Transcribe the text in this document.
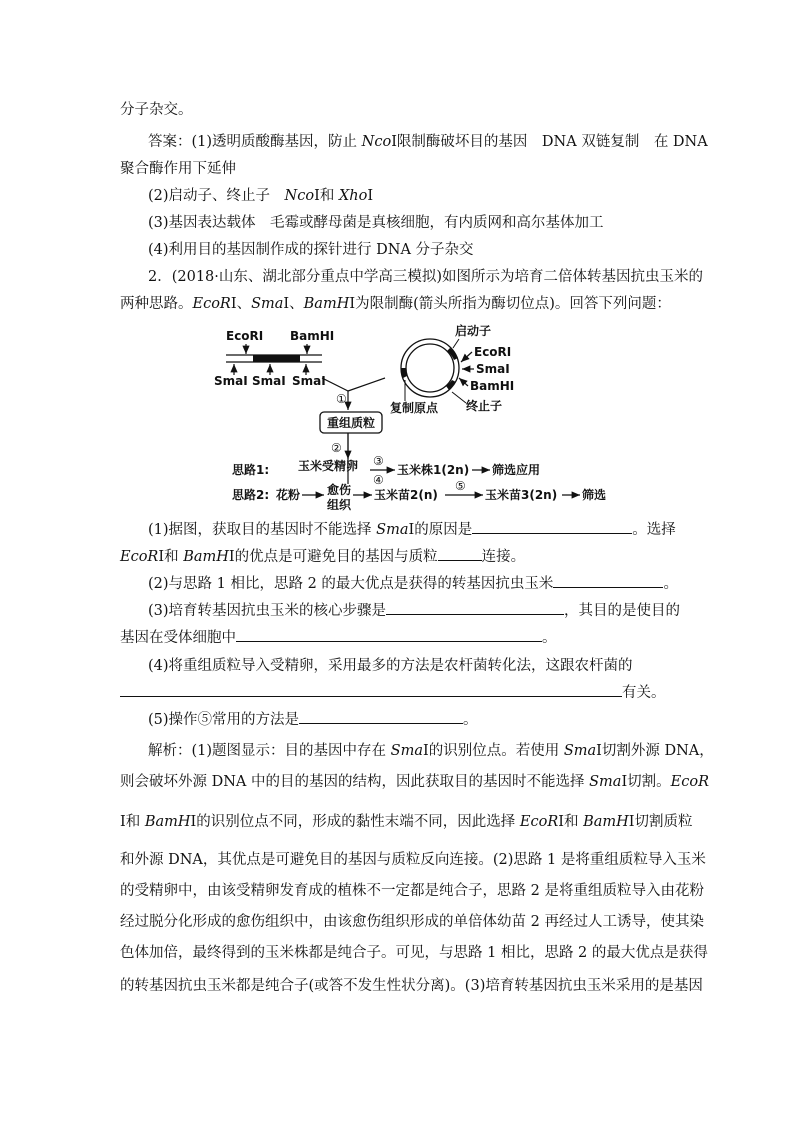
分子杂交。
答案：(1)透明质酸酶基因，防止 NcoⅠ限制酶破坏目的基因　DNA 双链复制　在 DNA
聚合酶作用下延伸
(2)启动子、终止子　NcoⅠ和 XhoⅠ
(3)基因表达载体　毛霉或酵母菌是真核细胞，有内质网和高尔基体加工
(4)利用目的基因制作成的探针进行 DNA 分子杂交
2．(2018·山东、湖北部分重点中学高三模拟)如图所示为培育二倍体转基因抗虫玉米的
两种思路。EcoRⅠ、SmaⅠ、BamHⅠ为限制酶(箭头所指为酶切位点)。回答下列问题：
EcoRⅠ BamHⅠ
SmaⅠ SmaⅠ SmaⅠ
启动子
EcoRⅠ
SmaⅠ
BamHⅠ
终止子
复制原点
①
重组质粒
②
思路1: 玉米受精卵 ③
④
玉米株1(2n) 筛选应用
思路2: 花粉 愈伤
组织
玉米苗2(n)
⑤
玉米苗3(2n) 筛选
(1)据图，获取目的基因时不能选择 SmaⅠ的原因是	。选择
EcoRⅠ和 BamHⅠ的优点是可避免目的基因与质粒	连接。
(2)与思路 1 相比，思路 2 的最大优点是获得的转基因抗虫玉米	。
(3)培育转基因抗虫玉米的核心步骤是	，其目的是使目的
基因在受体细胞中	。
(4)将重组质粒导入受精卵，采用最多的方法是农杆菌转化法，这跟农杆菌的
有关。
(5)操作⑤常用的方法是	。
解析：(1)题图显示：目的基因中存在 SmaⅠ的识别位点。若使用 SmaⅠ切割外源 DNA，
则会破坏外源 DNA 中的目的基因的结构，因此获取目的基因时不能选择 SmaⅠ切割。EcoR
Ⅰ和 BamHⅠ的识别位点不同，形成的黏性末端不同，因此选择 EcoRⅠ和 BamHⅠ切割质粒
和外源 DNA，其优点是可避免目的基因与质粒反向连接。(2)思路 1 是将重组质粒导入玉米
的受精卵中，由该受精卵发育成的植株不一定都是纯合子，思路 2 是将重组质粒导入由花粉
经过脱分化形成的愈伤组织中，由该愈伤组织形成的单倍体幼苗 2 再经过人工诱导，使其染
色体加倍，最终得到的玉米株都是纯合子。可见，与思路 1 相比，思路 2 的最大优点是获得
的转基因抗虫玉米都是纯合子(或答不发生性状分离)。(3)培育转基因抗虫玉米采用的是基因
